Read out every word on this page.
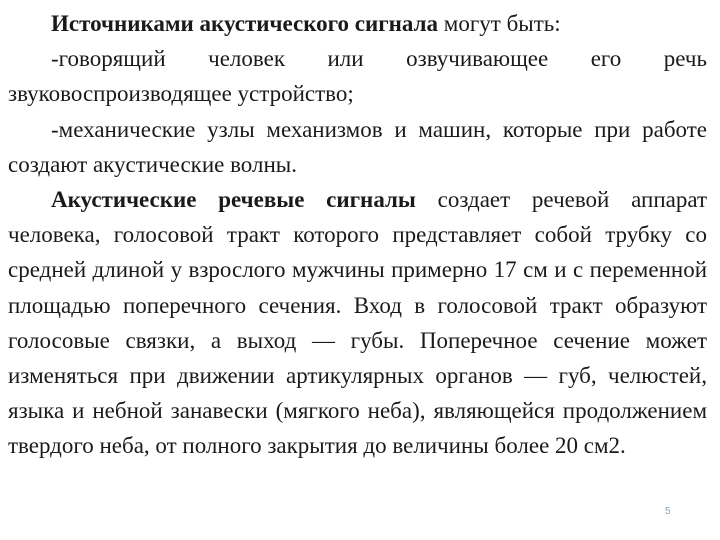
Источниками акустического сигнала могут быть:

-говорящий человек или озвучивающее его речь звуковоспроизводящее устройство;

-механические узлы механизмов и машин, которые при работе создают акустические волны.

Акустические речевые сигналы создает речевой аппарат человека, голосовой тракт которого представляет собой трубку со средней длиной у взрослого мужчины примерно 17 см и с переменной площадью поперечного сечения. Вход в голосовой тракт образуют голосовые связки, а выход — губы. Поперечное сечение может изменяться при движении артикулярных органов — губ, челюстей, языка и небной занавески (мягкого неба), являющейся продолжением твердого неба, от полного закрытия до величины более 20 см2.

5
